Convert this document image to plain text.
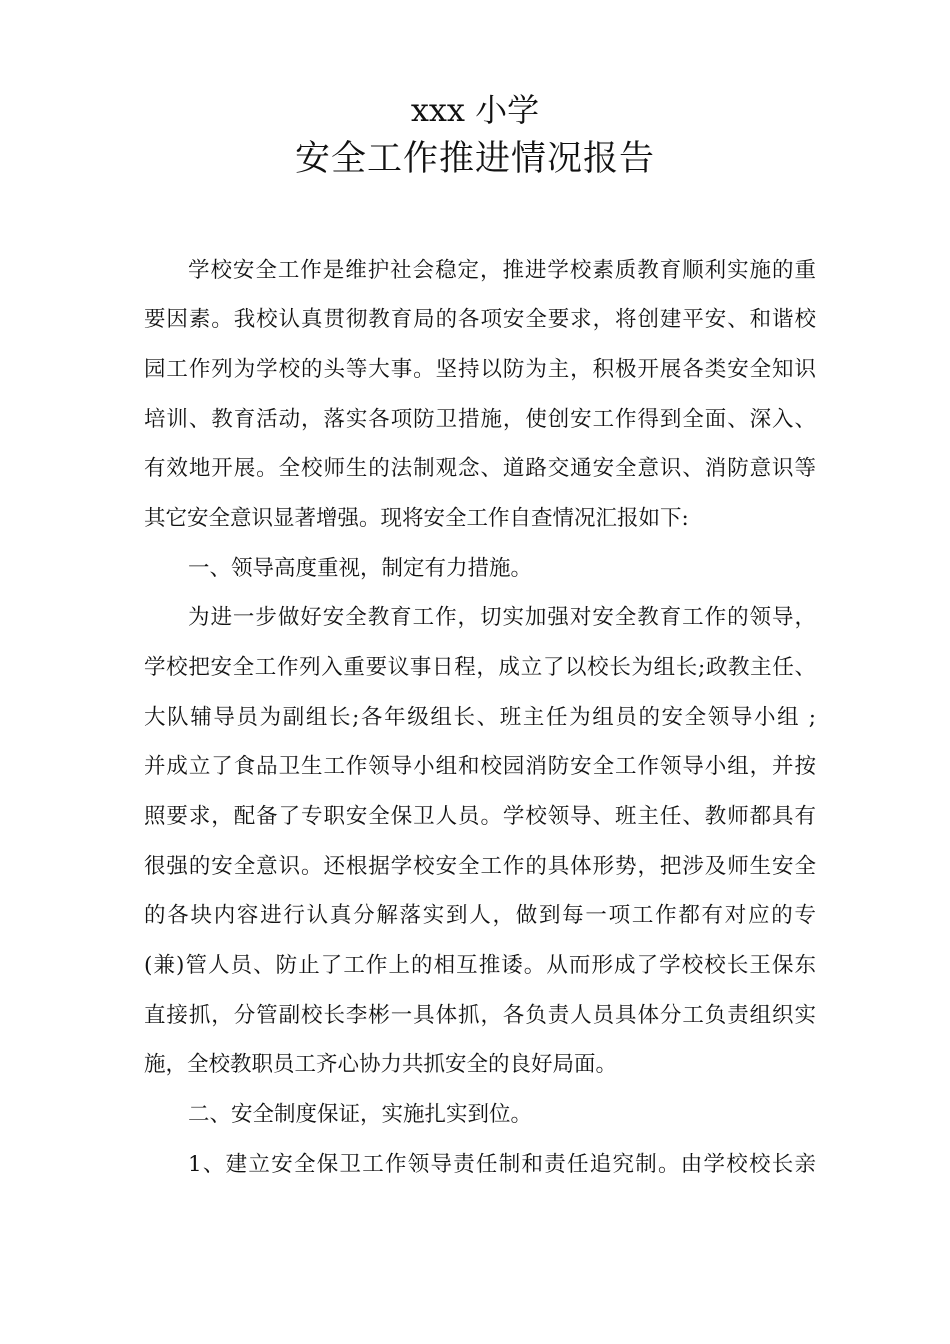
xxx 小学
安全工作推进情况报告
学校安全工作是维护社会稳定，推进学校素质教育顺利实施的重
要因素。我校认真贯彻教育局的各项安全要求，将创建平安、和谐校
园工作列为学校的头等大事。坚持以防为主，积极开展各类安全知识
培训、教育活动，落实各项防卫措施，使创安工作得到全面、深入、
有效地开展。全校师生的法制观念、道路交通安全意识、消防意识等
其它安全意识显著增强。现将安全工作自查情况汇报如下:
一、领导高度重视，制定有力措施。
为进一步做好安全教育工作，切实加强对安全教育工作的领导，
学校把安全工作列入重要议事日程，成立了以校长为组长;政教主任、
大队辅导员为副组长;各年级组长、班主任为组员的安全领导小组 ;
并成立了食品卫生工作领导小组和校园消防安全工作领导小组，并按
照要求，配备了专职安全保卫人员。学校领导、班主任、教师都具有
很强的安全意识。还根据学校安全工作的具体形势，把涉及师生安全
的各块内容进行认真分解落实到人，做到每一项工作都有对应的专
(兼)管人员、防止了工作上的相互推诿。从而形成了学校校长王保东
直接抓，分管副校长李彬一具体抓，各负责人员具体分工负责组织实
施，全校教职员工齐心协力共抓安全的良好局面。
二、安全制度保证，实施扎实到位。
1、建立安全保卫工作领导责任制和责任追究制。由学校校长亲
